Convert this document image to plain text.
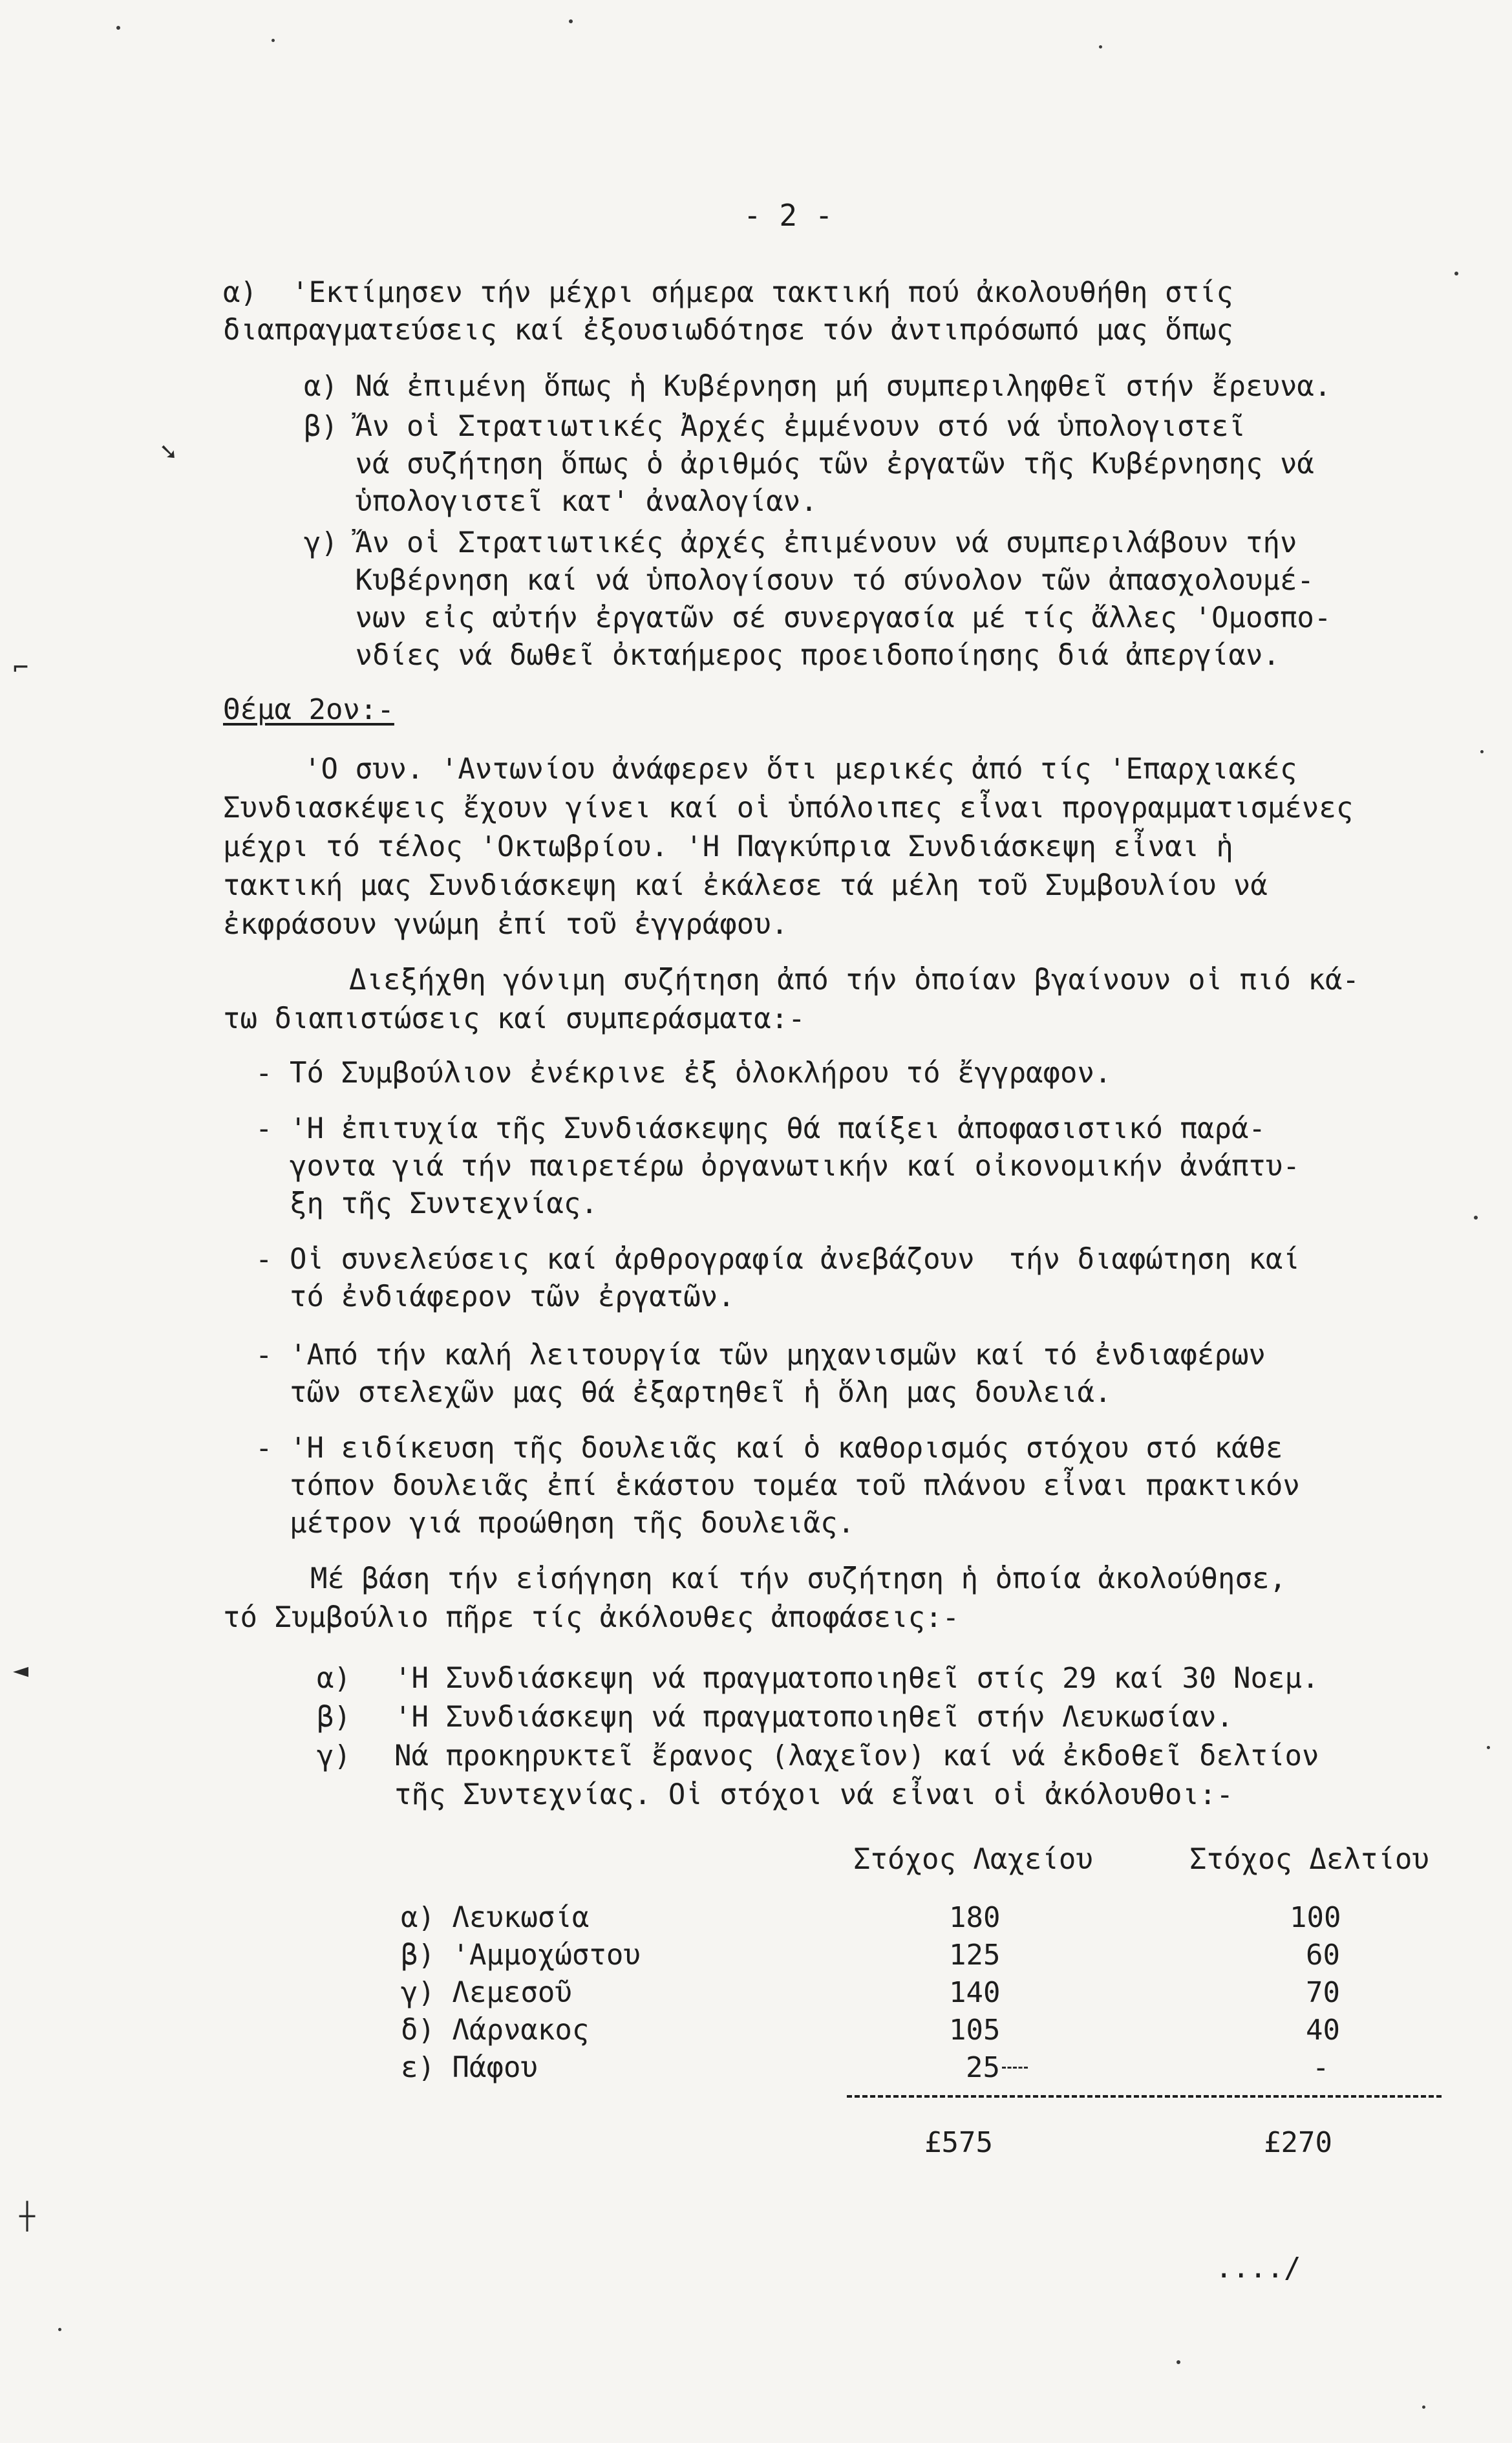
- 2 -
α)  'Εκτίμησεν τήν μέχρι σήμερα τακτική πού ἀκολουθήθη στίς
διαπραγματεύσεις καί ἐξουσιωδότησε τόν ἀντιπρόσωπό μας ὅπως
α) Νά ἐπιμένη ὅπως ἡ Κυβέρνηση μή συμπεριληφθεῖ στήν ἔρευνα.
β) Ἄν οἱ Στρατιωτικές Ἀρχές ἐμμένουν στό νά ὑπολογιστεῖ
νά συζήτηση ὅπως ὁ ἀριθμός τῶν ἐργατῶν τῆς Κυβέρνησης νά
ὑπολογιστεῖ κατ' ἀναλογίαν.
γ) Ἄν οἱ Στρατιωτικές ἀρχές ἐπιμένουν νά συμπεριλάβουν τήν
Κυβέρνηση καί νά ὑπολογίσουν τό σύνολον τῶν ἀπασχολουμέ-
νων εἰς αὐτήν ἐργατῶν σέ συνεργασία μέ τίς ἄλλες 'Ομοσπο-
νδίες νά δωθεῖ ὀκταήμερος προειδοποίησης διά ἀπεργίαν.
Θέμα 2ον:-
'Ο συν. 'Αντωνίου ἀνάφερεν ὅτι μερικές ἀπό τίς 'Επαρχιακές
Συνδιασκέψεις ἔχουν γίνει καί οἱ ὑπόλοιπες εἶναι προγραμματισμένες
μέχρι τό τέλος 'Οκτωβρίου. 'Η Παγκύπρια Συνδιάσκεψη εἶναι ἡ
τακτική μας Συνδιάσκεψη καί ἐκάλεσε τά μέλη τοῦ Συμβουλίου νά
ἐκφράσουν γνώμη ἐπί τοῦ ἐγγράφου.
Διεξήχθη γόνιμη συζήτηση ἀπό τήν ὁποίαν βγαίνουν οἱ πιό κά-
τω διαπιστώσεις καί συμπεράσματα:-
- Τό Συμβούλιον ἐνέκρινε ἐξ ὁλοκλήρου τό ἔγγραφον.
- 'Η ἐπιτυχία τῆς Συνδιάσκεψης θά παίξει ἀποφασιστικό παρά-
γοντα γιά τήν παιρετέρω ὀργανωτικήν καί οἰκονομικήν ἀνάπτυ-
ξη τῆς Συντεχνίας.
- Οἱ συνελεύσεις καί ἀρθρογραφία ἀνεβάζουν  τήν διαφώτηση καί
τό ἐνδιάφερον τῶν ἐργατῶν.
- 'Από τήν καλή λειτουργία τῶν μηχανισμῶν καί τό ἐνδιαφέρων
τῶν στελεχῶν μας θά ἐξαρτηθεῖ ἡ ὅλη μας δουλειά.
- 'Η ειδίκευση τῆς δουλειᾶς καί ὁ καθορισμός στόχου στό κάθε
τόπον δουλειᾶς ἐπί ἑκάστου τομέα τοῦ πλάνου εἶναι πρακτικόν
μέτρον γιά προώθηση τῆς δουλειᾶς.
Μέ βάση τήν εἰσήγηση καί τήν συζήτηση ἡ ὁποία ἀκολούθησε,
τό Συμβούλιο πῆρε τίς ἀκόλουθες ἀποφάσεις:-
α) 'Η Συνδιάσκεψη νά πραγματοποιηθεῖ στίς 29 καί 30 Νοεμ.
β) 'Η Συνδιάσκεψη νά πραγματοποιηθεῖ στήν Λευκωσίαν.
γ) Νά προκηρυκτεῖ ἔρανος (λαχεῖον) καί νά ἐκδοθεῖ δελτίον
τῆς Συντεχνίας. Οἱ στόχοι νά εἶναι οἱ ἀκόλουθοι:-
Στόχος Λαχείου	Στόχος Δελτίου
α) Λευκωσία	180	100
β) 'Αμμοχώστου	125	60
γ) Λεμεσοῦ	140	70
δ) Λάρνακος	105	40
ε) Πάφου	25	-
£575	£270
..../
➘
⌐
◄
┼
